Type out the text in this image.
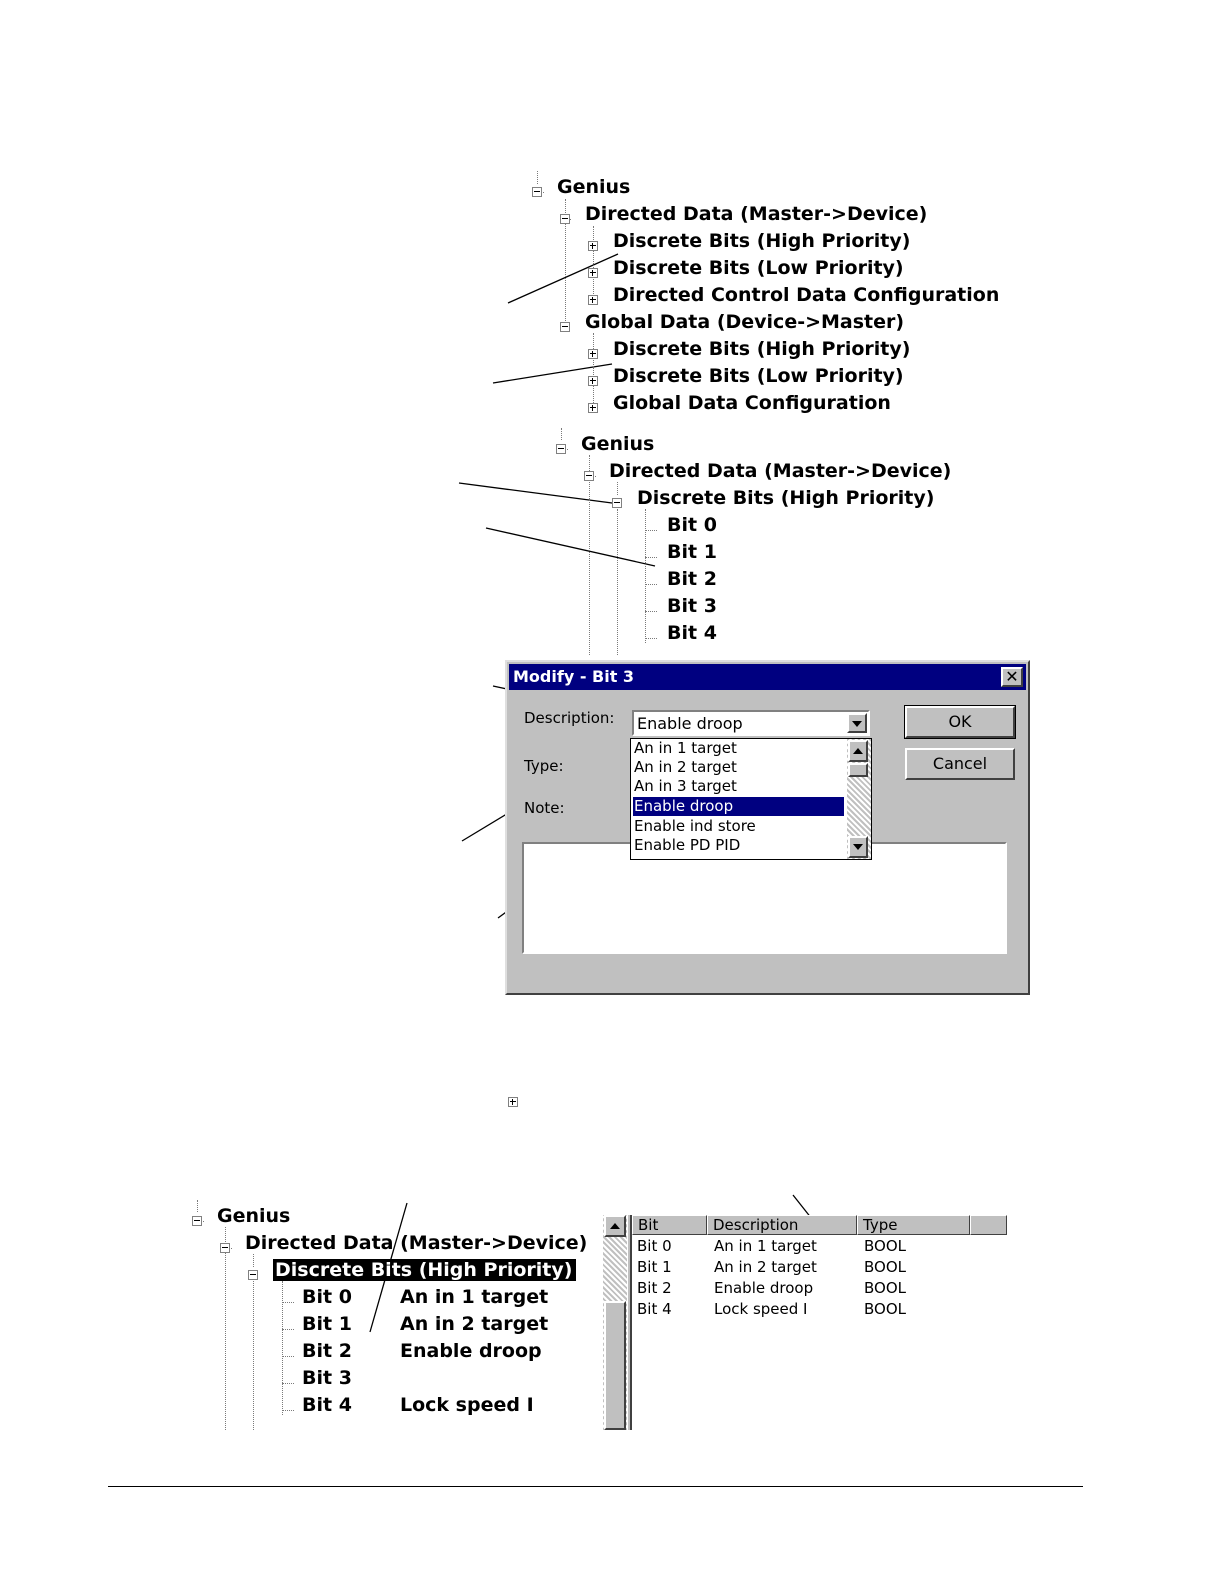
Genius
Directed Data (Master->Device)
Discrete Bits (High Priority)
Discrete Bits (Low Priority)
Directed Control Data Configuration
Global Data (Device->Master)
Discrete Bits (High Priority)
Discrete Bits (Low Priority)
Global Data Configuration
Genius
Directed Data (Master->Device)
Discrete Bits (High Priority)
Bit 0
Bit 1
Bit 2
Bit 3
Bit 4
Modify - Bit 3	✕
Description: Enable droop	OK
Cancel
Type:
Note:
An in 1 target
An in 2 target
An in 3 target
Enable droop
Enable ind store
Enable PD PID
Genius
Directed Data (Master->Device)
Discrete Bits (High Priority)
Bit 0	An in 1 target
Bit 1	An in 2 target
Bit 2	Enable droop
Bit 3
Bit 4	Lock speed I
Bit	Description	Type
Bit 0	An in 1 target	BOOL
Bit 1	An in 2 target	BOOL
Bit 2	Enable droop	BOOL
Bit 4	Lock speed I	BOOL
